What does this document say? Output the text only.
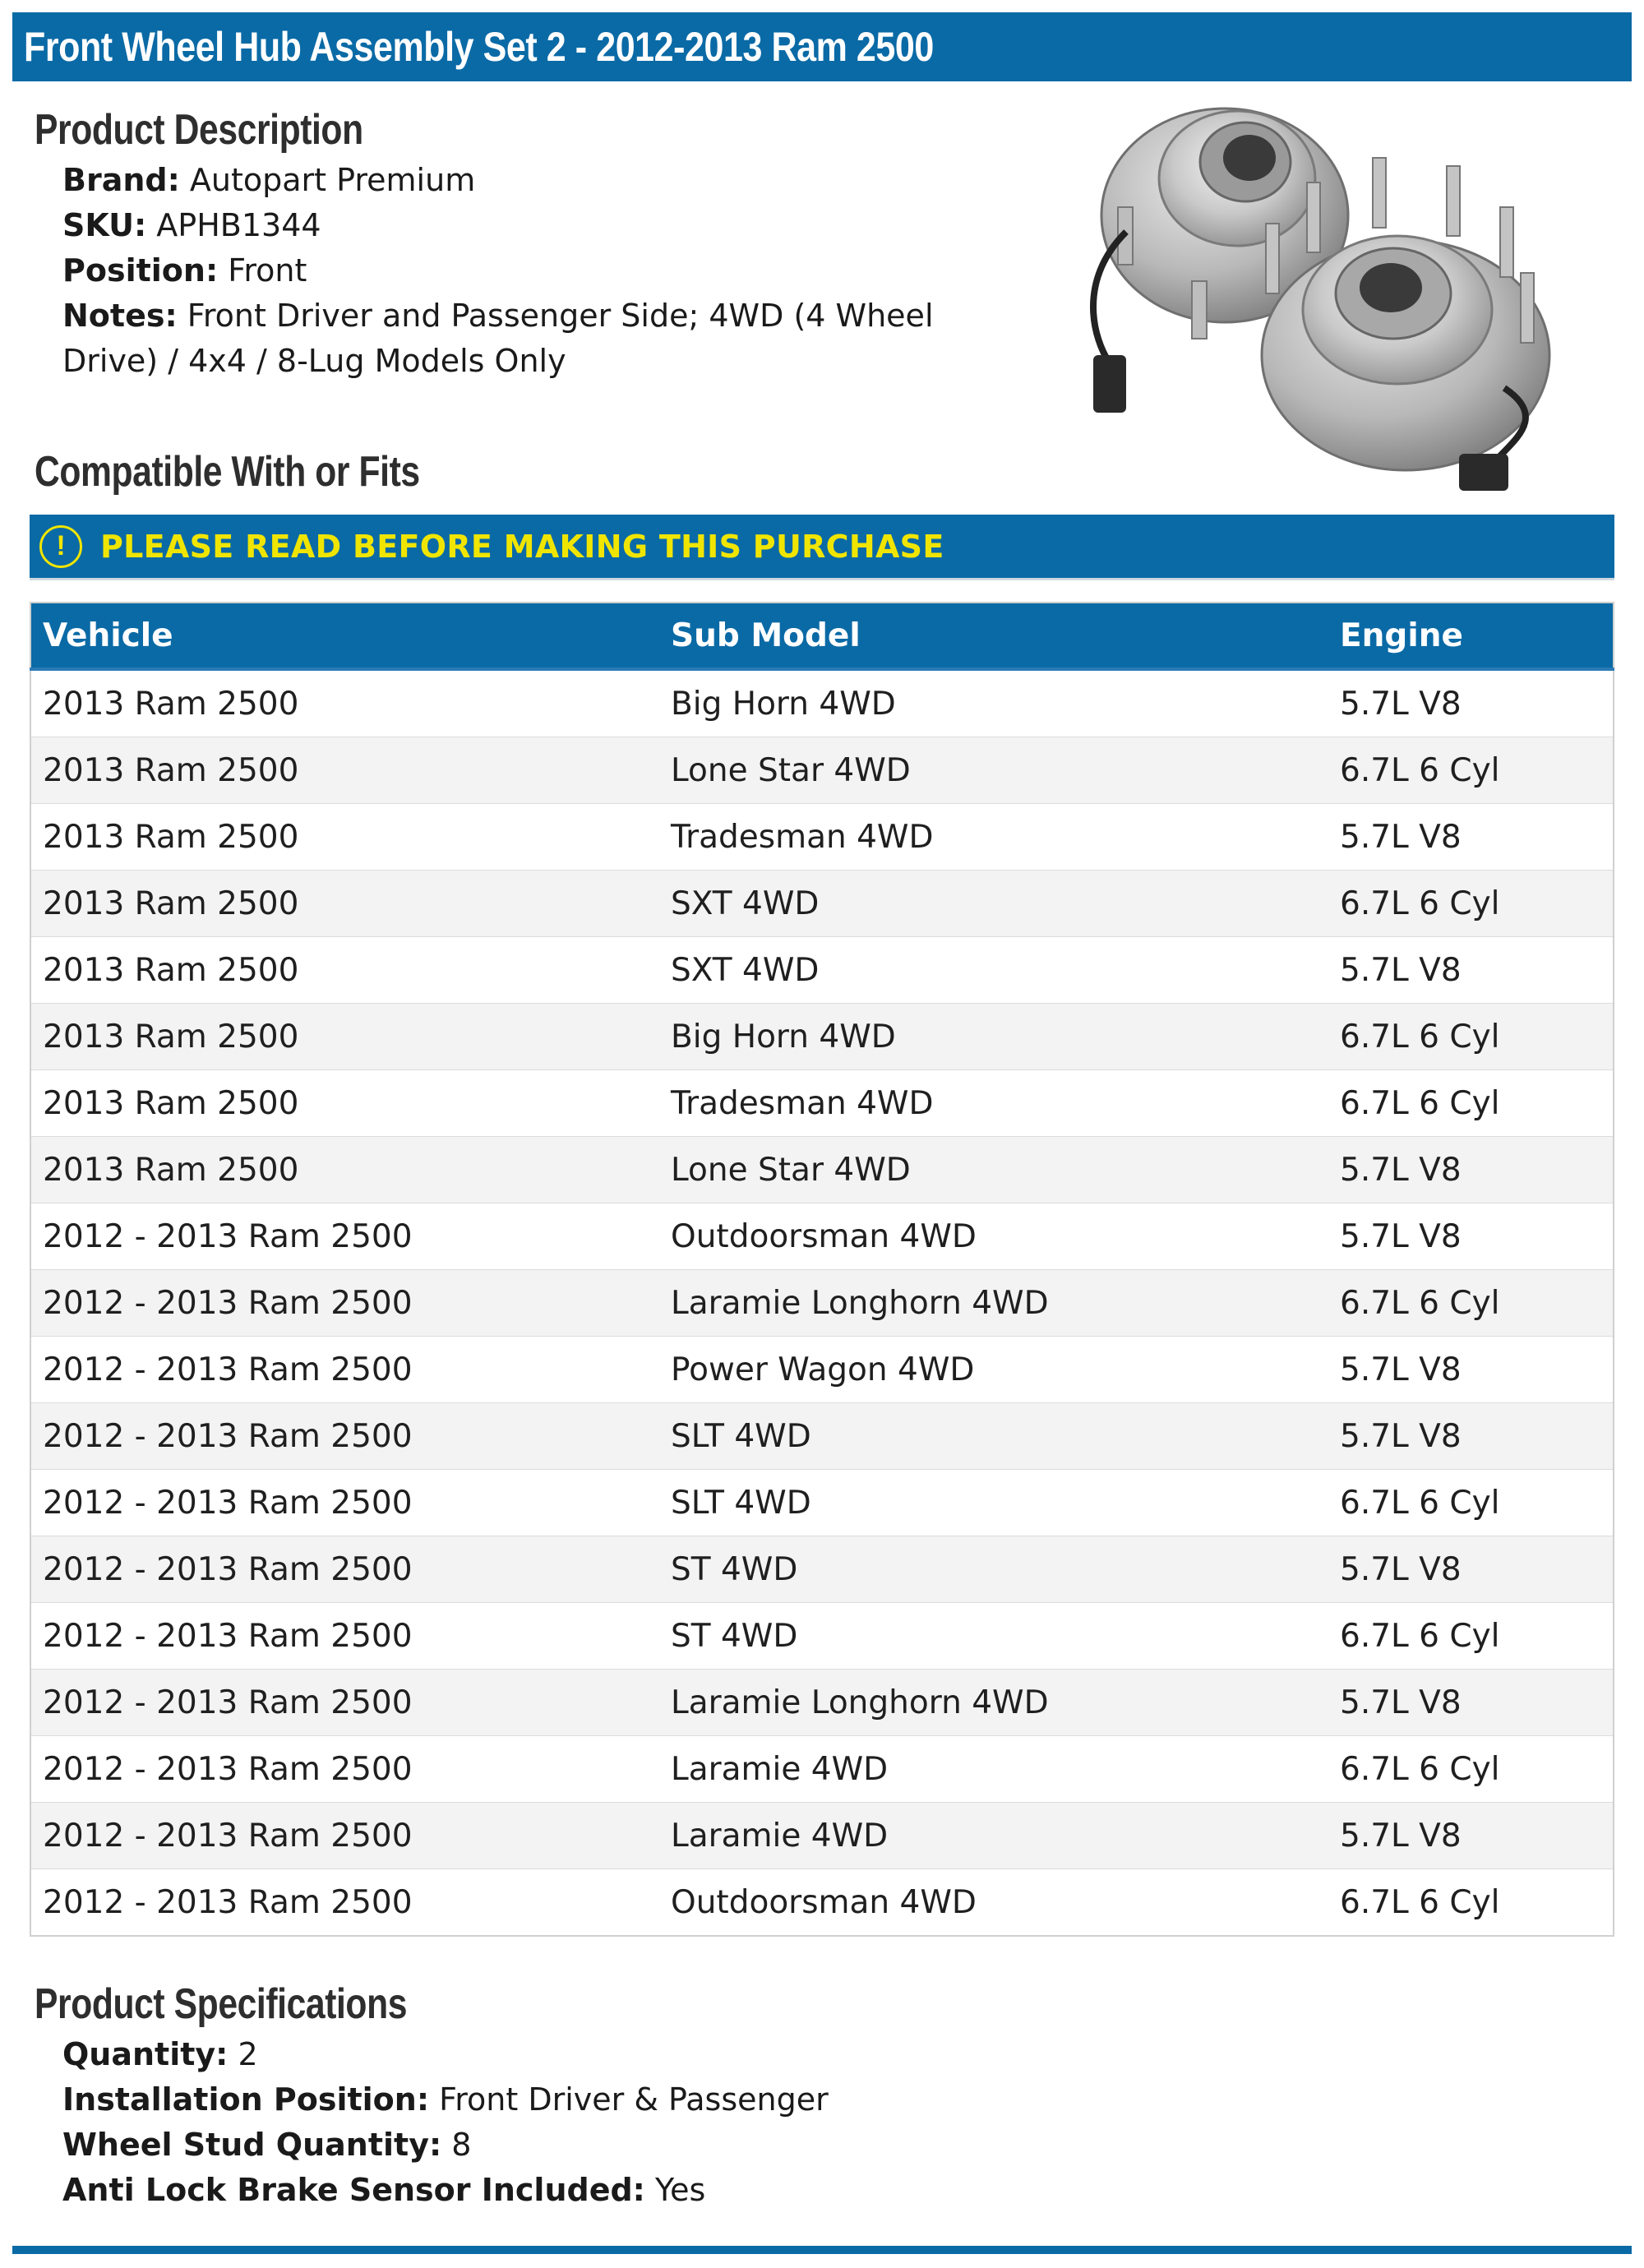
Front Wheel Hub Assembly Set 2 - 2012-2013 Ram 2500
Product Description
Brand: Autopart Premium
SKU: APHB1344
Position: Front
Notes: Front Driver and Passenger Side; 4WD (4 Wheel Drive) / 4x4 / 8-Lug Models Only
Compatible With or Fits
!	PLEASE READ BEFORE MAKING THIS PURCHASE
Vehicle	Sub Model	Engine
2013 Ram 2500	Big Horn 4WD	5.7L V8
2013 Ram 2500	Lone Star 4WD	6.7L 6 Cyl
2013 Ram 2500	Tradesman 4WD	5.7L V8
2013 Ram 2500	SXT 4WD	6.7L 6 Cyl
2013 Ram 2500	SXT 4WD	5.7L V8
2013 Ram 2500	Big Horn 4WD	6.7L 6 Cyl
2013 Ram 2500	Tradesman 4WD	6.7L 6 Cyl
2013 Ram 2500	Lone Star 4WD	5.7L V8
2012 - 2013 Ram 2500	Outdoorsman 4WD	5.7L V8
2012 - 2013 Ram 2500	Laramie Longhorn 4WD	6.7L 6 Cyl
2012 - 2013 Ram 2500	Power Wagon 4WD	5.7L V8
2012 - 2013 Ram 2500	SLT 4WD	5.7L V8
2012 - 2013 Ram 2500	SLT 4WD	6.7L 6 Cyl
2012 - 2013 Ram 2500	ST 4WD	5.7L V8
2012 - 2013 Ram 2500	ST 4WD	6.7L 6 Cyl
2012 - 2013 Ram 2500	Laramie Longhorn 4WD	5.7L V8
2012 - 2013 Ram 2500	Laramie 4WD	6.7L 6 Cyl
2012 - 2013 Ram 2500	Laramie 4WD	5.7L V8
2012 - 2013 Ram 2500	Outdoorsman 4WD	6.7L 6 Cyl
Product Specifications
Quantity: 2
Installation Position: Front Driver & Passenger
Wheel Stud Quantity: 8
Anti Lock Brake Sensor Included: Yes
